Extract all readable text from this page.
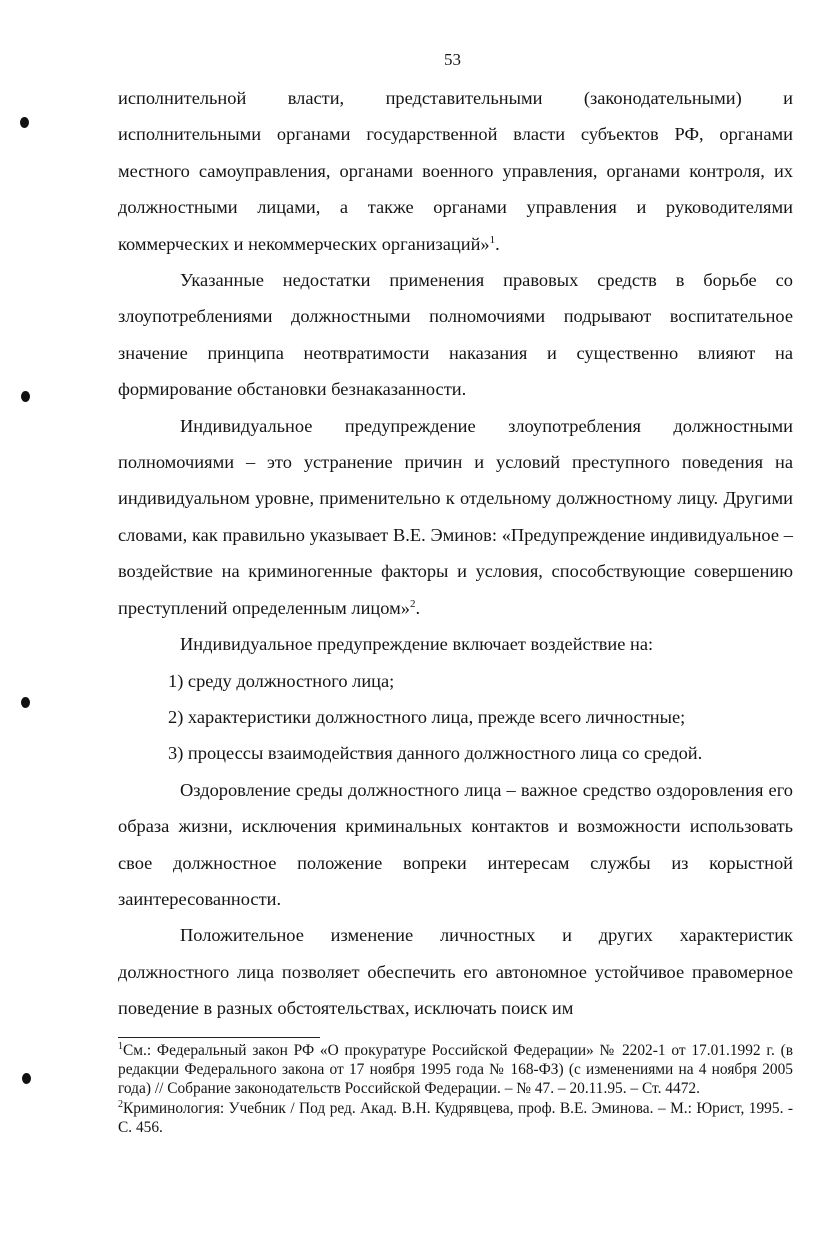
53

исполнительной власти, представительными (законодательными) и исполнительными органами государственной власти субъектов РФ, органами местного самоуправления, органами военного управления, органами контроля, их должностными лицами, а также органами управления и руководителями коммерческих и некоммерческих организаций»$^1$.

Указанные недостатки применения правовых средств в борьбе со злоупотреблениями должностными полномочиями подрывают воспитательное значение принципа неотвратимости наказания и существенно влияют на формирование обстановки безнаказанности.

Индивидуальное предупреждение злоупотребления должностными полномочиями – это устранение причин и условий преступного поведения на индивидуальном уровне, применительно к отдельному должностному лицу. Другими словами, как правильно указывает В.Е. Эминов: «Предупреждение индивидуальное – воздействие на криминогенные факторы и условия, способствующие совершению преступлений определенным лицом»$^2$.

Индивидуальное предупреждение включает воздействие на:

1) среду должностного лица;

2) характеристики должностного лица, прежде всего личностные;

3) процессы взаимодействия данного должностного лица со средой.

Оздоровление среды должностного лица – важное средство оздоровления его образа жизни, исключения криминальных контактов и возможности использовать свое должностное положение вопреки интересам службы из корыстной заинтересованности.

Положительное изменение личностных и других характеристик должностного лица позволяет обеспечить его автономное устойчивое правомерное поведение в разных обстоятельствах, исключать поиск им

$^1$См.: Федеральный закон РФ «О прокуратуре Российской Федерации» № 2202-1 от 17.01.1992 г. (в редакции Федерального закона от 17 ноября 1995 года № 168-ФЗ) (с изменениями на 4 ноября 2005 года) // Собрание законодательств Российской Федерации. – № 47. – 20.11.95. – Ст. 4472.

$^2$Криминология: Учебник / Под ред. Акад. В.Н. Кудрявцева, проф. В.Е. Эминова. – М.: Юрист, 1995. - С. 456.
